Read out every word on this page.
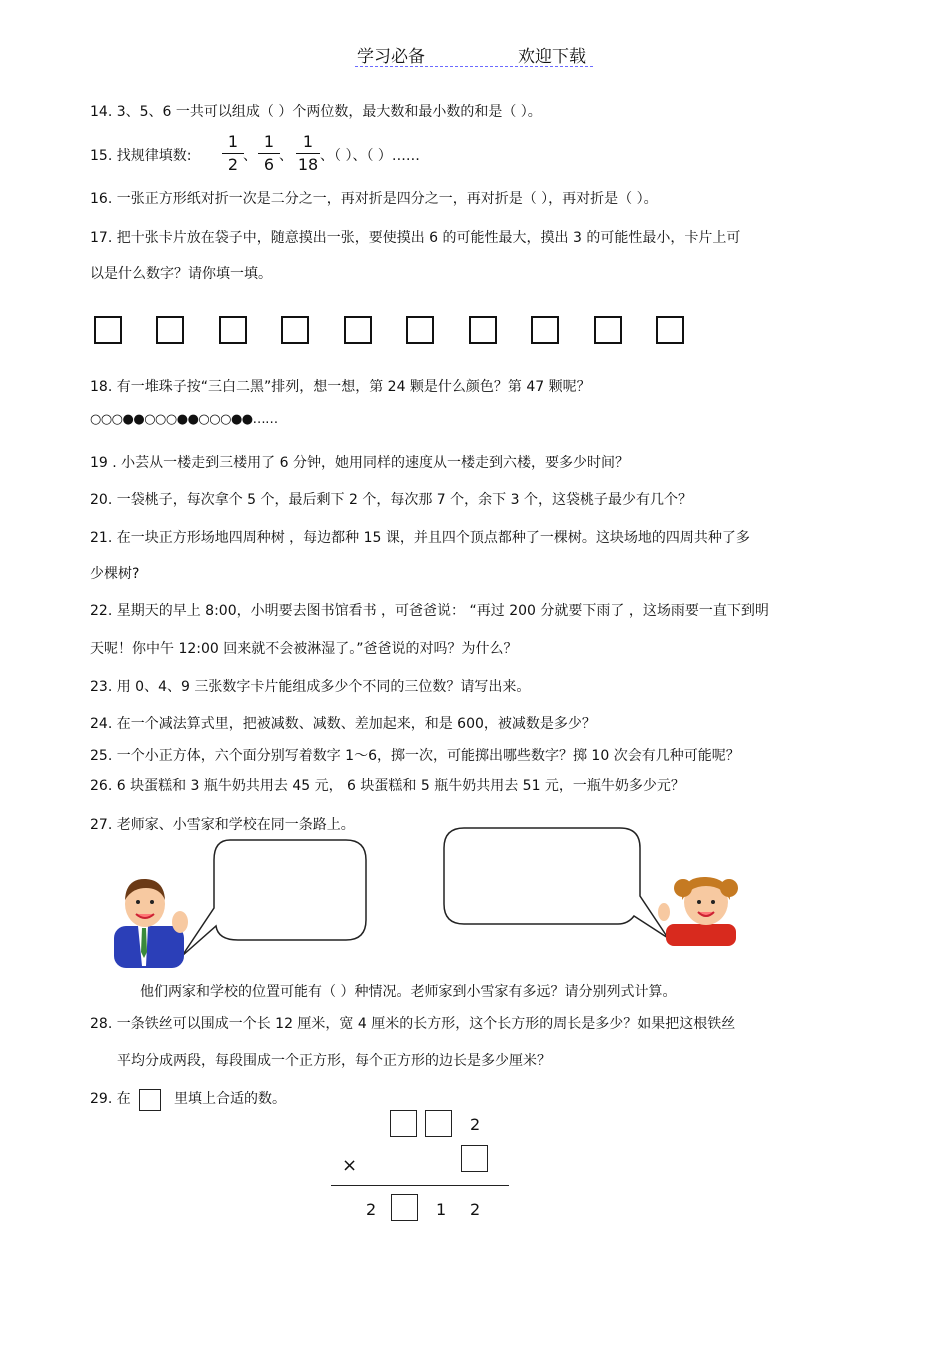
学习必备	欢迎下载
14. 3、5、6 一共可以组成（ ）个两位数，最大数和最小数的和是（ ）。
15. 找规律填数:
1
2 、
1
6 、
1
18 、（ ）、（ ）……
16. 一张正方形纸对折一次是二分之一，再对折是四分之一，再对折是（ ），再对折是（ ）。
17. 把十张卡片放在袋子中，随意摸出一张，要使摸出 6 的可能性最大，摸出 3 的可能性最小，卡片上可
以是什么数字？请你填一填。
18. 有一堆珠子按“三白二黑”排列，想一想，第 24 颗是什么颜色？第 47 颗呢？
○○○●●○○○●●○○○●●……
19 . 小芸从一楼走到三楼用了 6 分钟，她用同样的速度从一楼走到六楼，要多少时间？
20. 一袋桃子，每次拿个 5 个，最后剩下 2 个，每次那 7 个，余下 3 个，这袋桃子最少有几个？
21. 在一块正方形场地四周种树 ，每边都种 15 课，并且四个顶点都种了一棵树。这块场地的四周共种了多
少棵树?
22. 星期天的早上 8:00，小明要去图书馆看书 ，可爸爸说： “再过 200 分就要下雨了 ，这场雨要一直下到明
天呢！你中午 12:00 回来就不会被淋湿了。”爸爸说的对吗？为什么？
23. 用 0、4、9 三张数字卡片能组成多少个不同的三位数？请写出来。
24. 在一个减法算式里，把被减数、减数、差加起来，和是 600，被减数是多少？
25. 一个小正方体，六个面分别写着数字 1～6，掷一次，可能掷出哪些数字？掷 10 次会有几种可能呢？
26. 6 块蛋糕和 3 瓶牛奶共用去 45 元， 6 块蛋糕和 5 瓶牛奶共用去 51 元，一瓶牛奶多少元？
27. 老师家、小雪家和学校在同一条路上。
他们两家和学校的位置可能有（ ）种情况。老师家到小雪家有多远？请分别列式计算。
28. 一条铁丝可以围成一个长 12 厘米，宽 4 厘米的长方形，这个长方形的周长是多少？如果把这根铁丝
平均分成两段，每段围成一个正方形，每个正方形的边长是多少厘米？
29. 在	里填上合适的数。
2
×
2	1 2
